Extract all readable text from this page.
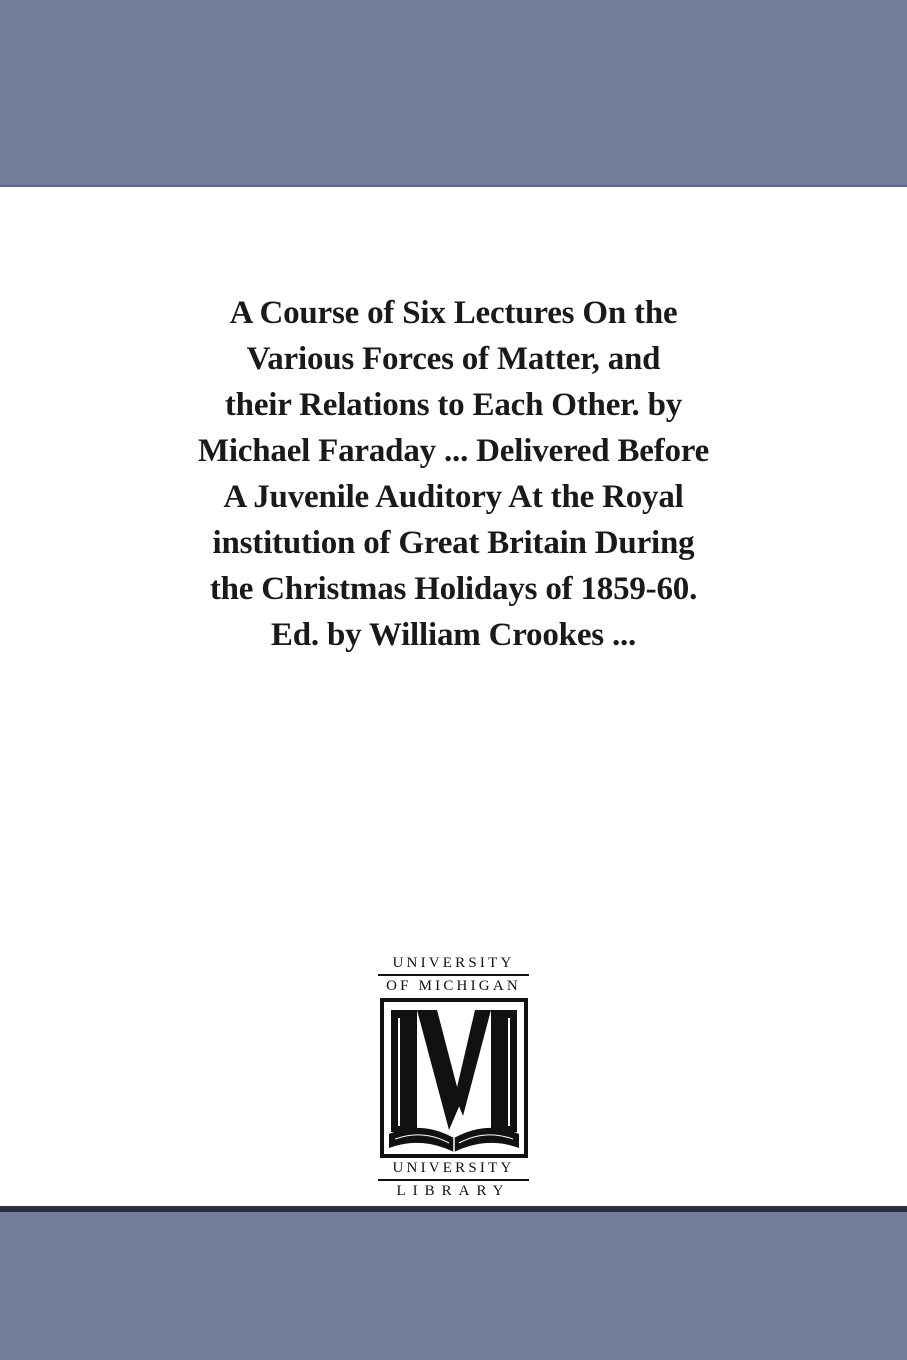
A Course of Six Lectures On the
Various Forces of Matter, and
their Relations to Each Other. by
Michael Faraday ... Delivered Before
A Juvenile Auditory At the Royal
institution of Great Britain During
the Christmas Holidays of 1859-60.
Ed. by William Crookes ...
UNIVERSITY
OF MICHIGAN
UNIVERSITY
LIBRARY
